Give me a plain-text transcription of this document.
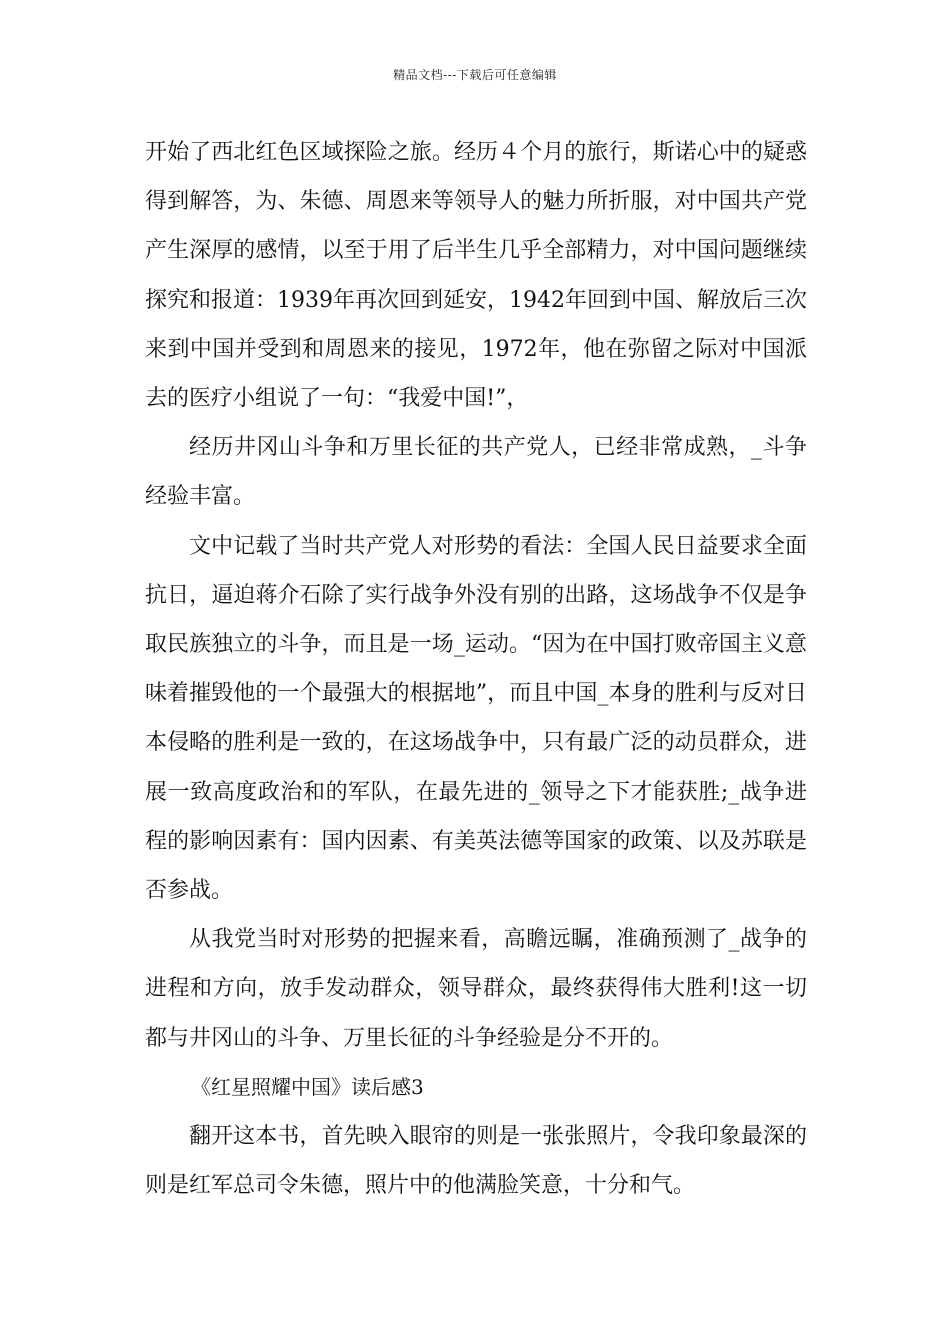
精品文档---下载后可任意编辑

开始了西北红色区域探险之旅。经历４个月的旅行，斯诺心中的疑惑得到解答，为、朱德、周恩来等领导人的魅力所折服，对中国共产党产生深厚的感情，以至于用了后半生几乎全部精力，对中国问题继续探究和报道：1939年再次回到延安，1942年回到中国、解放后三次来到中国并受到和周恩来的接见，1972年，他在弥留之际对中国派去的医疗小组说了一句：“我爱中国!”，

经历井冈山斗争和万里长征的共产党人，已经非常成熟，_斗争经验丰富。

文中记载了当时共产党人对形势的看法：全国人民日益要求全面抗日，逼迫蒋介石除了实行战争外没有别的出路，这场战争不仅是争取民族独立的斗争，而且是一场_运动。“因为在中国打败帝国主义意味着摧毁他的一个最强大的根据地”，而且中国_本身的胜利与反对日本侵略的胜利是一致的，在这场战争中，只有最广泛的动员群众，进展一致高度政治和的军队，在最先进的_领导之下才能获胜;_战争进程的影响因素有：国内因素、有美英法德等国家的政策、以及苏联是否参战。

从我党当时对形势的把握来看，高瞻远瞩，准确预测了_战争的进程和方向，放手发动群众，领导群众，最终获得伟大胜利!这一切都与井冈山的斗争、万里长征的斗争经验是分不开的。

《红星照耀中国》读后感3

翻开这本书，首先映入眼帘的则是一张张照片，令我印象最深的则是红军总司令朱德，照片中的他满脸笑意，十分和气。
